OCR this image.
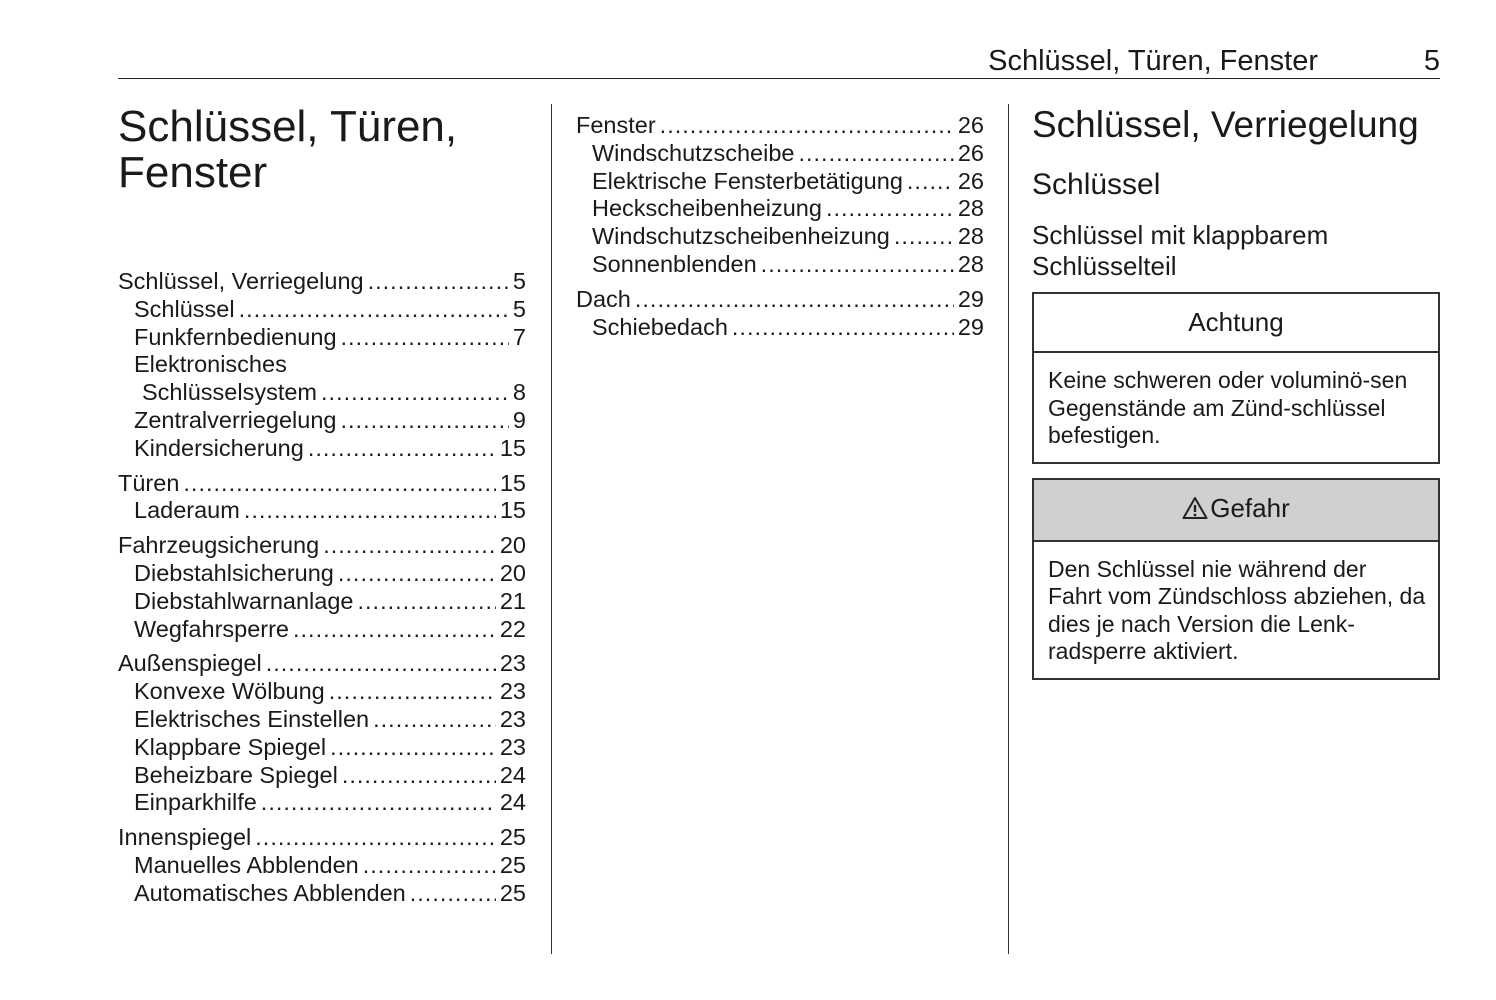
Schlüssel, Türen, Fenster	5
Schlüssel, Türen, Fenster
Schlüssel, Verriegelung .....	5
Schlüssel .....	5
Funkfernbedienung .....	7
Elektronisches
Schlüsselsystem .....	8
Zentralverriegelung .....	9
Kindersicherung .....	15
Türen .....	15
Laderaum .....	15
Fahrzeugsicherung .....	20
Diebstahlsicherung .....	20
Diebstahlwarnanlage .....	21
Wegfahrsperre .....	22
Außenspiegel .....	23
Konvexe Wölbung .....	23
Elektrisches Einstellen .....	23
Klappbare Spiegel .....	23
Beheizbare Spiegel .....	24
Einparkhilfe .....	24
Innenspiegel .....	25
Manuelles Abblenden .....	25
Automatisches Abblenden .....	25
Fenster .....	26
Windschutzscheibe .....	26
Elektrische Fensterbetätigung ..... 26
Heckscheibenheizung .....	28
Windschutzscheibenheizung .....	28
Sonnenblenden .....	28
Dach .....	29
Schiebedach .....	29
Schlüssel, Verriegelung
Schlüssel
Schlüssel mit klappbarem Schlüsselteil
Achtung
Keine schweren oder voluminö-sen Gegenstände am Zünd-schlüssel befestigen.
Gefahr
Den Schlüssel nie während der Fahrt vom Zündschloss abziehen, da dies je nach Version die Lenk-radsperre aktiviert.
